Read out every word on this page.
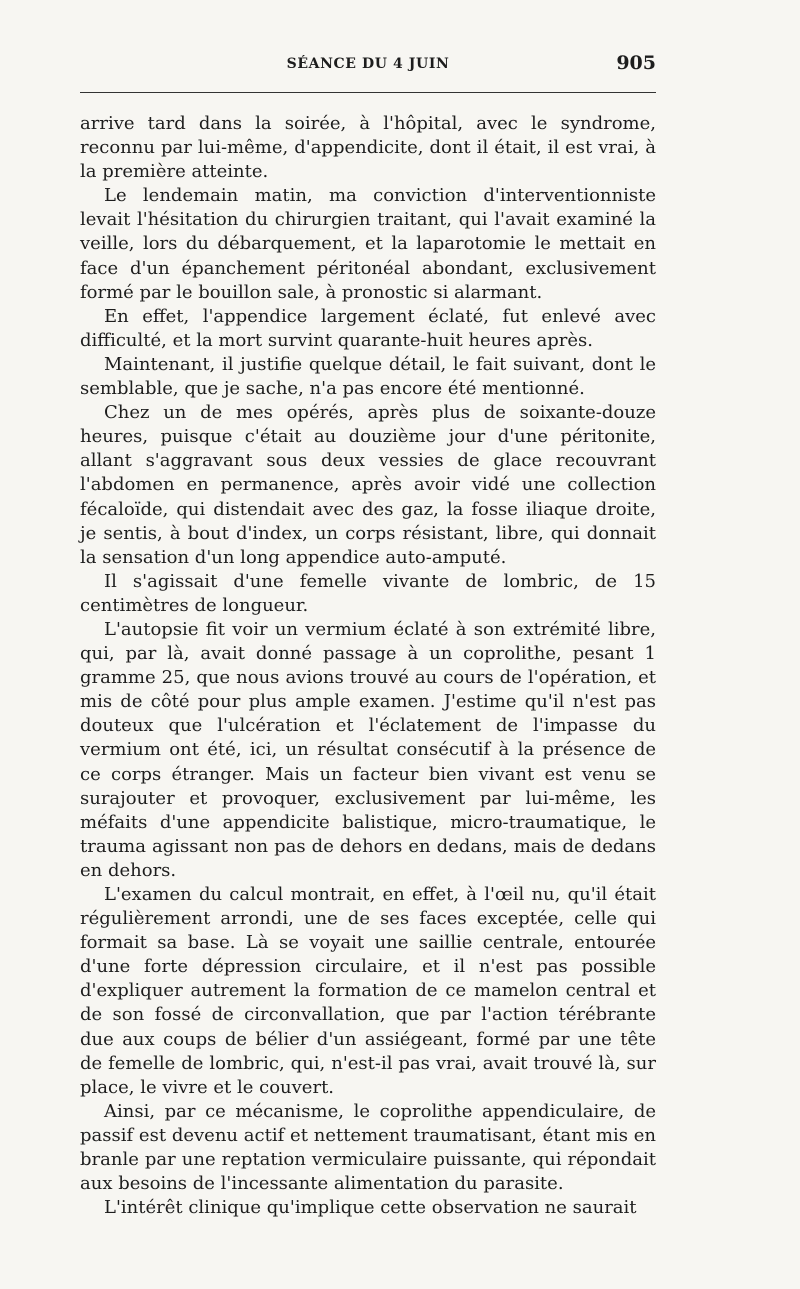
SÉANCE DU 4 JUIN	905

arrive tard dans la soirée, à l'hôpital, avec le syndrome, reconnu par lui-même, d'appendicite, dont il était, il est vrai, à la première atteinte.

Le lendemain matin, ma conviction d'interventionniste levait l'hésitation du chirurgien traitant, qui l'avait examiné la veille, lors du débarquement, et la laparotomie le mettait en face d'un épanchement péritonéal abondant, exclusivement formé par le bouillon sale, à pronostic si alarmant.

En effet, l'appendice largement éclaté, fut enlevé avec difficulté, et la mort survint quarante-huit heures après.

Maintenant, il justifie quelque détail, le fait suivant, dont le semblable, que je sache, n'a pas encore été mentionné.

Chez un de mes opérés, après plus de soixante-douze heures, puisque c'était au douzième jour d'une péritonite, allant s'aggravant sous deux vessies de glace recouvrant l'abdomen en permanence, après avoir vidé une collection fécaloïde, qui distendait avec des gaz, la fosse iliaque droite, je sentis, à bout d'index, un corps résistant, libre, qui donnait la sensation d'un long appendice auto-amputé.

Il s'agissait d'une femelle vivante de lombric, de 15 centimètres de longueur.

L'autopsie fit voir un vermium éclaté à son extrémité libre, qui, par là, avait donné passage à un coprolithe, pesant 1 gramme 25, que nous avions trouvé au cours de l'opération, et mis de côté pour plus ample examen. J'estime qu'il n'est pas douteux que l'ulcération et l'éclatement de l'impasse du vermium ont été, ici, un résultat consécutif à la présence de ce corps étranger. Mais un facteur bien vivant est venu se surajouter et provoquer, exclusivement par lui-même, les méfaits d'une appendicite balistique, micro-traumatique, le trauma agissant non pas de dehors en dedans, mais de dedans en dehors.

L'examen du calcul montrait, en effet, à l'œil nu, qu'il était régulièrement arrondi, une de ses faces exceptée, celle qui formait sa base. Là se voyait une saillie centrale, entourée d'une forte dépression circulaire, et il n'est pas possible d'expliquer autrement la formation de ce mamelon central et de son fossé de circonvallation, que par l'action térébrante due aux coups de bélier d'un assiégeant, formé par une tête de femelle de lombric, qui, n'est-il pas vrai, avait trouvé là, sur place, le vivre et le couvert.

Ainsi, par ce mécanisme, le coprolithe appendiculaire, de passif est devenu actif et nettement traumatisant, étant mis en branle par une reptation vermiculaire puissante, qui répondait aux besoins de l'incessante alimentation du parasite.

L'intérêt clinique qu'implique cette observation ne saurait
